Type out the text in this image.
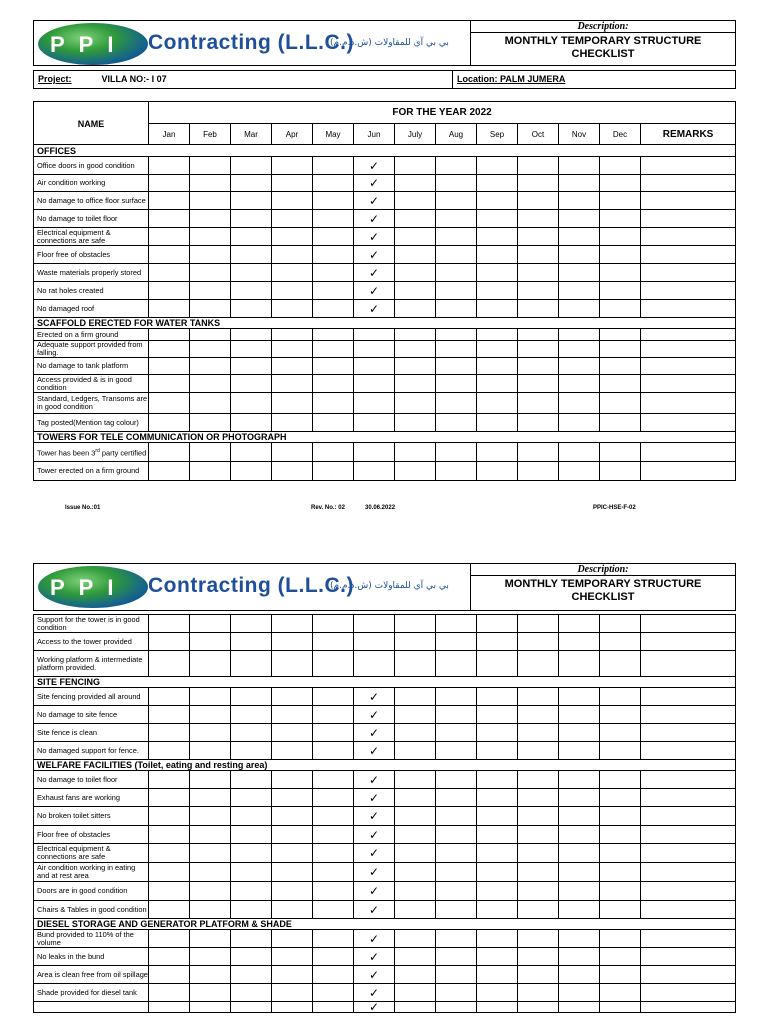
PPI Contracting (L.L.C.)
بي بي آي للمقاولات (ش.ذ.م.م)
Description:
MONTHLY TEMPORARY STRUCTURE
CHECKLIST
Project:	VILLA NO:- I 07	Location: PALM JUMERA
NAME	FOR THE YEAR 2022												
	Jan	Feb	Mar	Apr	May	Jun	July	Aug	Sep	Oct	Nov	Dec	REMARKS
OFFICES													
Office doors in good condition						✓							
Air condition working						✓							
No damage to office floor surface						✓							
No damage to toilet floor						✓							
Electrical equipment & connections are safe						✓							
Floor free of obstacles						✓							
Waste materials properly stored						✓							
No rat holes created						✓							
No damaged roof						✓							
SCAFFOLD ERECTED FOR WATER TANKS													
Erected on a firm ground													
Adequate support provided from falling.													
No damage to tank platform													
Access provided & is in good condition													
Standard, Ledgers, Transoms are in good condition													
Tag posted(Mention tag colour)													
TOWERS FOR TELE COMMUNICATION OR PHOTOGRAPH													
Tower has been 3rd party certified													
Tower erected on a firm ground													
Issue No.:01	Rev. No.: 02	30.06.2022	PPIC-HSE-F-02
PPI Contracting (L.L.C.)
بي بي آي للمقاولات (ش.ذ.م.م)
Description:
MONTHLY TEMPORARY STRUCTURE
CHECKLIST
Support for the tower is in good condition													
Access to the tower provided													
Working platform & intermediate platform provided.													
SITE FENCING													
Site fencing provided all around						✓							
No damage to site fence						✓							
Site fence is clean						✓							
No damaged support for fence.						✓							
WELFARE FACILITIES (Toilet, eating and resting area)													
No damage to toilet floor						✓							
Exhaust fans are working						✓							
No broken toilet sitters						✓							
Floor free of obstacles						✓							
Electrical equipment & connections are safe						✓							
Air condition working in eating and at rest area						✓							
Doors are in good condition						✓							
Chairs & Tables in good condition						✓							
DIESEL STORAGE AND GENERATOR PLATFORM & SHADE													
Bund provided to 110% of the volume						✓							
No leaks in the bund						✓							
Area is clean free from oil spillage						✓							
Shade provided for diesel tank						✓							
						✓							
